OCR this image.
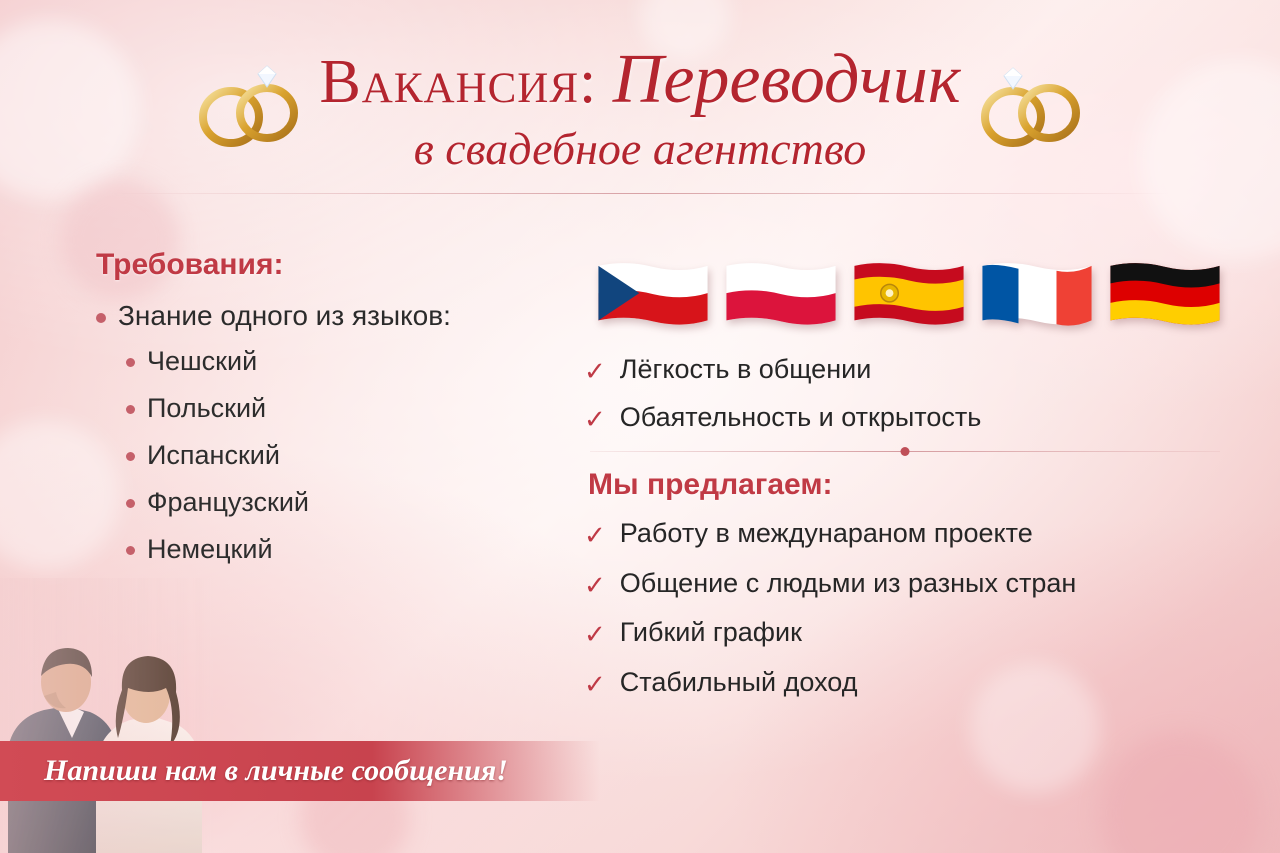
Вакансия: Переводчик
в свадебное агентство
Требования:
Знание одного из языков:
Чешский
Польский
Испанский
Французский
Немецкий
✓ Лёгкость в общении
✓ Обаятельность и открытость
Мы предлагаем:
✓ Работу в междунараном проекте
✓ Общение с людьми из разных стран
✓ Гибкий график
✓ Стабильный доход
Напиши нам в личные сообщения!
